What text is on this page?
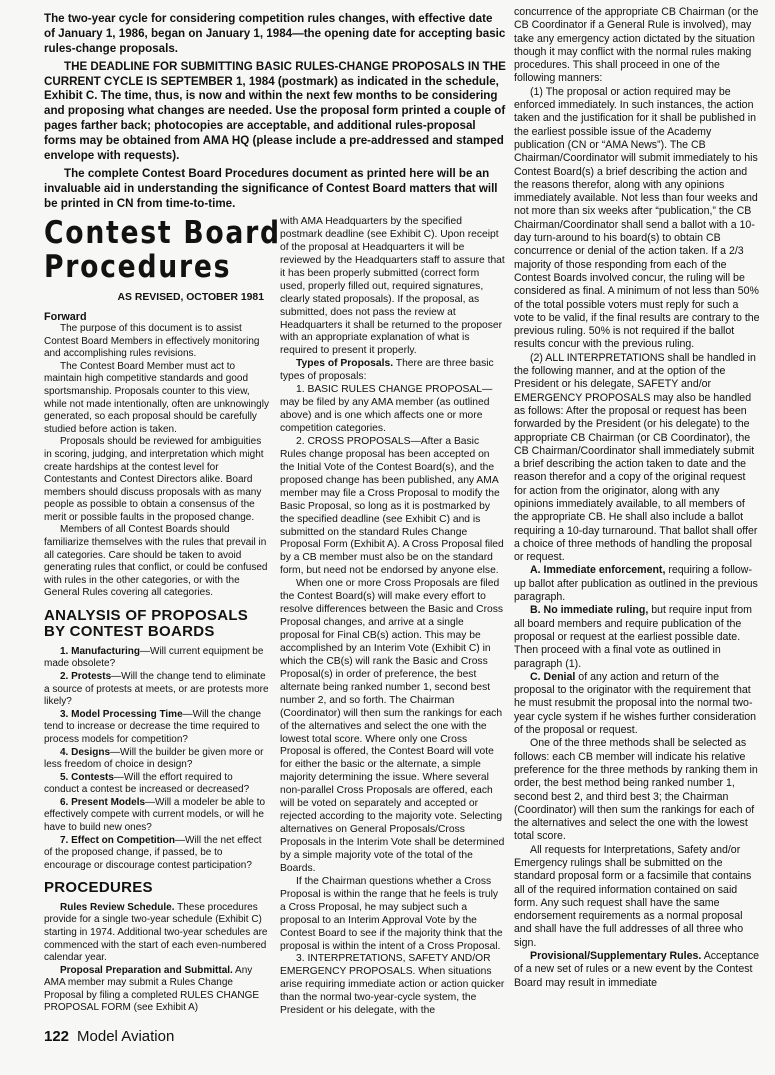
The two-year cycle for considering competition rules changes, with effective date of January 1, 1986, began on January 1, 1984—the opening date for accepting basic rules-change proposals.

THE DEADLINE FOR SUBMITTING BASIC RULES-CHANGE PROPOSALS IN THE CURRENT CYCLE IS SEPTEMBER 1, 1984 (postmark) as indicated in the schedule, Exhibit C. The time, thus, is now and within the next few months to be considering and proposing what changes are needed. Use the proposal form printed a couple of pages farther back; photocopies are acceptable, and additional rules-proposal forms may be obtained from AMA HQ (please include a pre-addressed and stamped envelope with requests).

The complete Contest Board Procedures document as printed here will be an invaluable aid in understanding the significance of Contest Board matters that will be printed in CN from time-to-time.

Contest Board
Procedures
AS REVISED, OCTOBER 1981

Forward

The purpose of this document is to assist Contest Board Members in effectively monitoring and accomplishing rules revisions.

The Contest Board Member must act to maintain high competitive standards and good sportsmanship. Proposals counter to this view, while not made intentionally, often are unknowingly generated, so each proposal should be carefully studied before action is taken.

Proposals should be reviewed for ambiguities in scoring, judging, and interpretation which might create hardships at the contest level for Contestants and Contest Directors alike. Board members should discuss proposals with as many people as possible to obtain a consensus of the merit or possible faults in the proposed change.

Members of all Contest Boards should familiarize themselves with the rules that prevail in all categories. Care should be taken to avoid generating rules that conflict, or could be confused with rules in the other categories, or with the General Rules covering all categories.

ANALYSIS OF PROPOSALS BY CONTEST BOARDS

1. Manufacturing—Will current equipment be made obsolete?

2. Protests—Will the change tend to eliminate a source of protests at meets, or are protests more likely?

3. Model Processing Time—Will the change tend to increase or decrease the time required to process models for competition?

4. Designs—Will the builder be given more or less freedom of choice in design?

5. Contests—Will the effort required to conduct a contest be increased or decreased?

6. Present Models—Will a modeler be able to effectively compete with current models, or will he have to build new ones?

7. Effect on Competition—Will the net effect of the proposed change, if passed, be to encourage or discourage contest participation?

PROCEDURES

Rules Review Schedule. These procedures provide for a single two-year schedule (Exhibit C) starting in 1974. Additional two-year schedules are commenced with the start of each even-numbered calendar year.

Proposal Preparation and Submittal. Any AMA member may submit a Rules Change Proposal by filing a completed RULES CHANGE PROPOSAL FORM (see Exhibit A)

with AMA Headquarters by the specified postmark deadline (see Exhibit C). Upon receipt of the proposal at Headquarters it will be reviewed by the Headquarters staff to assure that it has been properly submitted (correct form used, properly filled out, required signatures, clearly stated proposals). If the proposal, as submitted, does not pass the review at Headquarters it shall be returned to the proposer with an appropriate explanation of what is required to present it properly.

Types of Proposals. There are three basic types of proposals:

1. BASIC RULES CHANGE PROPOSAL—may be filed by any AMA member (as outlined above) and is one which affects one or more competition categories.

2. CROSS PROPOSALS—After a Basic Rules change proposal has been accepted on the Initial Vote of the Contest Board(s), and the proposed change has been published, any AMA member may file a Cross Proposal to modify the Basic Proposal, so long as it is postmarked by the specified deadline (see Exhibit C) and is submitted on the standard Rules Change Proposal Form (Exhibit A). A Cross Proposal filed by a CB member must also be on the standard form, but need not be endorsed by anyone else.

When one or more Cross Proposals are filed the Contest Board(s) will make every effort to resolve differences between the Basic and Cross Proposal changes, and arrive at a single proposal for Final CB(s) action. This may be accomplished by an Interim Vote (Exhibit C) in which the CB(s) will rank the Basic and Cross Proposal(s) in order of preference, the best alternate being ranked number 1, second best number 2, and so forth. The Chairman (Coordinator) will then sum the rankings for each of the alternatives and select the one with the lowest total score. Where only one Cross Proposal is offered, the Contest Board will vote for either the basic or the alternate, a simple majority determining the issue. Where several non-parallel Cross Proposals are offered, each will be voted on separately and accepted or rejected according to the majority vote. Selecting alternatives on General Proposals/Cross Proposals in the Interim Vote shall be determined by a simple majority vote of the total of the Boards.

If the Chairman questions whether a Cross Proposal is within the range that he feels is truly a Cross Proposal, he may subject such a proposal to an Interim Approval Vote by the Contest Board to see if the majority think that the proposal is within the intent of a Cross Proposal.

3. INTERPRETATIONS, SAFETY AND/OR EMERGENCY PROPOSALS. When situations arise requiring immediate action or action quicker than the normal two-year-cycle system, the President or his delegate, with the

concurrence of the appropriate CB Chairman (or the CB Coordinator if a General Rule is involved), may take any emergency action dictated by the situation though it may conflict with the normal rules making procedures. This shall proceed in one of the following manners:

(1) The proposal or action required may be enforced immediately. In such instances, the action taken and the justification for it shall be published in the earliest possible issue of the Academy publication (CN or “AMA News”). The CB Chairman/Coordinator will submit immediately to his Contest Board(s) a brief describing the action and the reasons therefor, along with any opinions immediately available. Not less than four weeks and not more than six weeks after “publication,” the CB Chairman/Coordinator shall send a ballot with a 10-day turn-around to his board(s) to obtain CB concurrence or denial of the action taken. If a 2/3 majority of those responding from each of the Contest Boards involved concur, the ruling will be considered as final. A minimum of not less than 50% of the total possible voters must reply for such a vote to be valid, if the final results are contrary to the previous ruling. 50% is not required if the ballot results concur with the previous ruling.

(2) ALL INTERPRETATIONS shall be handled in the following manner, and at the option of the President or his delegate, SAFETY and/or EMERGENCY PROPOSALS may also be handled as follows: After the proposal or request has been forwarded by the President (or his delegate) to the appropriate CB Chairman (or CB Coordinator), the CB Chairman/Coordinator shall immediately submit a brief describing the action taken to date and the reason therefor and a copy of the original request for action from the originator, along with any opinions immediately available, to all members of the appropriate CB. He shall also include a ballot requiring a 10-day turnaround. That ballot shall offer a choice of three methods of handling the proposal or request.

A. Immediate enforcement, requiring a follow-up ballot after publication as outlined in the previous paragraph.

B. No immediate ruling, but require input from all board members and require publication of the proposal or request at the earliest possible date. Then proceed with a final vote as outlined in paragraph (1).

C. Denial of any action and return of the proposal to the originator with the requirement that he must resubmit the proposal into the normal two-year cycle system if he wishes further consideration of the proposal or request.

One of the three methods shall be selected as follows: each CB member will indicate his relative preference for the three methods by ranking them in order, the best method being ranked number 1, second best 2, and third best 3; the Chairman (Coordinator) will then sum the rankings for each of the alternatives and select the one with the lowest total score.

All requests for Interpretations, Safety and/or Emergency rulings shall be submitted on the standard proposal form or a facsimile that contains all of the required information contained on said form. Any such request shall have the same endorsement requirements as a normal proposal and shall have the full addresses of all three who sign.

Provisional/Supplementary Rules. Acceptance of a new set of rules or a new event by the Contest Board may result in immediate

122 Model Aviation
